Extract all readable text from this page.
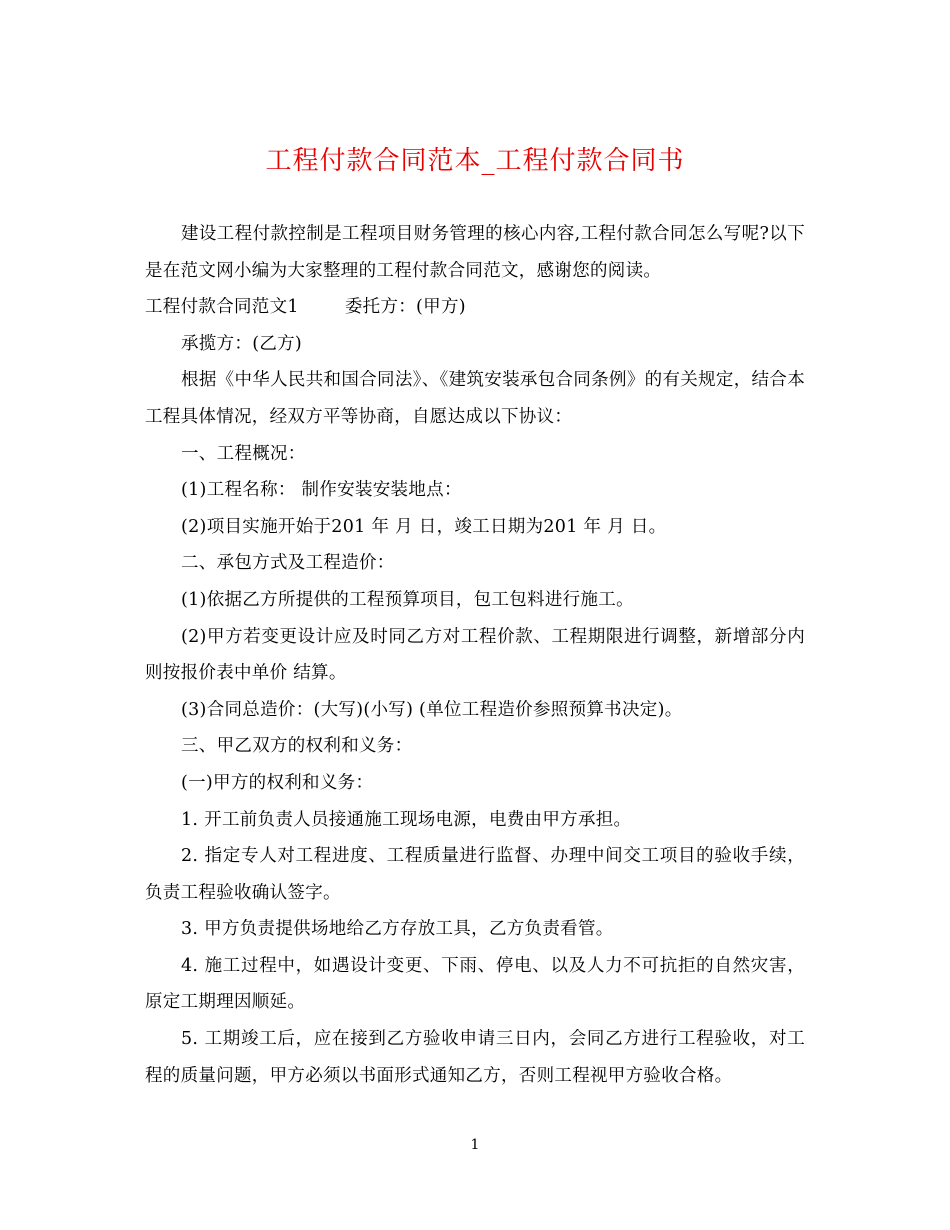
工程付款合同范本_工程付款合同书

建设工程付款控制是工程项目财务管理的核心内容,工程付款合同怎么写呢?以下是在范文网小编为大家整理的工程付款合同范文，感谢您的阅读。

工程付款合同范文1	委托方：(甲方)

承揽方：(乙方)

根据《中华人民共和国合同法》、《建筑安装承包合同条例》的有关规定，结合本工程具体情况，经双方平等协商，自愿达成以下协议：

一、工程概况：

(1)工程名称： 制作安装安装地点：

(2)项目实施开始于201 年 月 日，竣工日期为201 年 月 日。

二、承包方式及工程造价：

(1)依据乙方所提供的工程预算项目，包工包料进行施工。

(2)甲方若变更设计应及时同乙方对工程价款、工程期限进行调整，新增部分内则按报价表中单价 结算。

(3)合同总造价：(大写)(小写) (单位工程造价参照预算书决定)。

三、甲乙双方的权利和义务：

(一)甲方的权利和义务：

1. 开工前负责人员接通施工现场电源，电费由甲方承担。

2. 指定专人对工程进度、工程质量进行监督、办理中间交工项目的验收手续，负责工程验收确认签字。

3. 甲方负责提供场地给乙方存放工具，乙方负责看管。

4. 施工过程中，如遇设计变更、下雨、停电、以及人力不可抗拒的自然灾害，原定工期理因顺延。

5. 工期竣工后，应在接到乙方验收申请三日内，会同乙方进行工程验收，对工程的质量问题，甲方必须以书面形式通知乙方，否则工程视甲方验收合格。

1
